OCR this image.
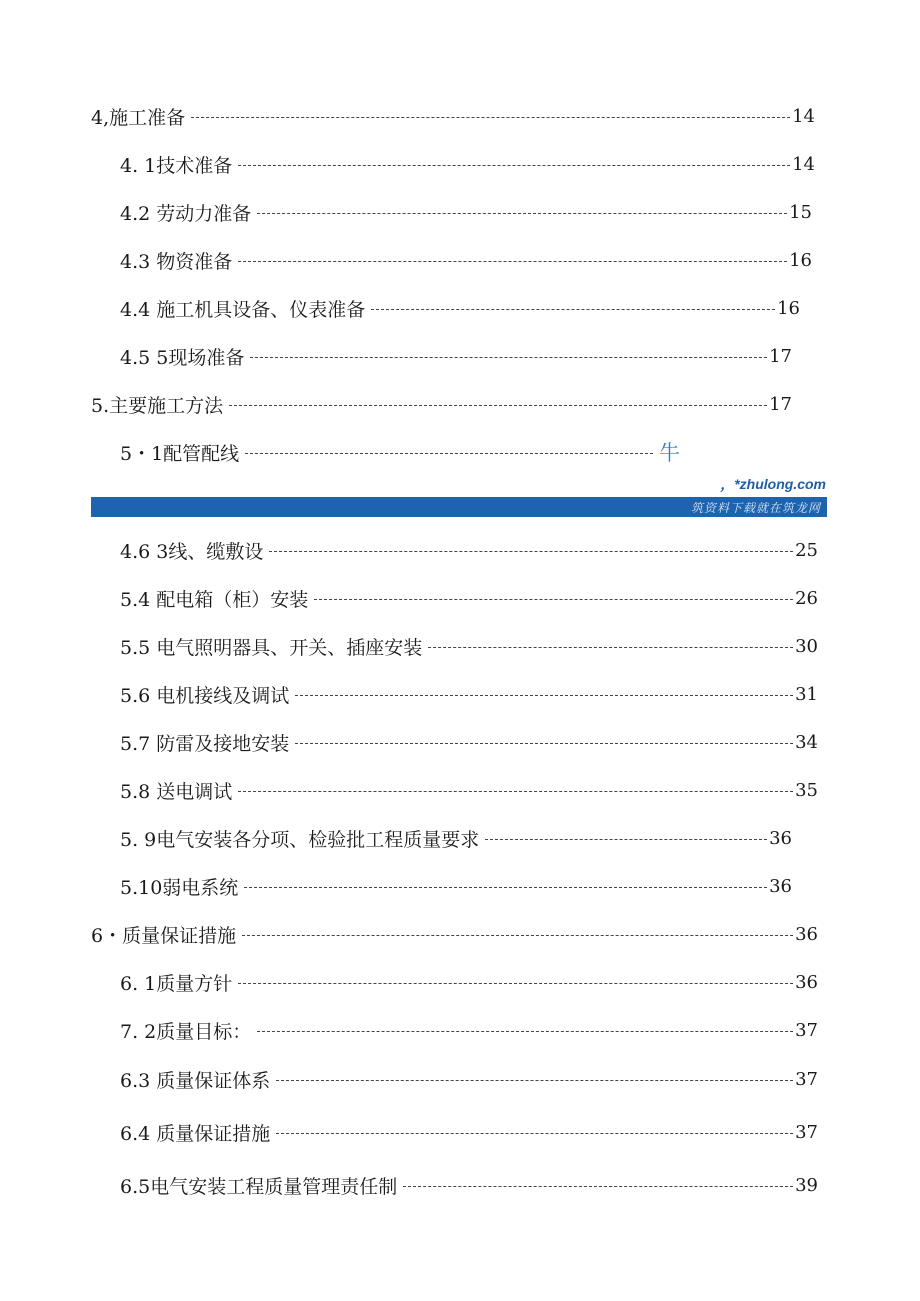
4,施工准备	14
4. 1技术准备	14
4.2 劳动力准备	15
4.3 物资准备	16
4.4 施工机具设备、仪表准备	16
4.5 5现场准备	17
5.主要施工方法	17
5・1配管配线	牛
，*zhulong.com
筑资料下载就在筑龙网
4.6 3线、缆敷设	25
5.4 配电箱（柜）安装	26
5.5 电气照明器具、开关、插座安装	30
5.6 电机接线及调试	31
5.7 防雷及接地安装	34
5.8 送电调试	35
5. 9电气安装各分项、检验批工程质量要求	36
5.10弱电系统	36
6・质量保证措施	36
6. 1质量方针	36
7. 2质量目标：	37
6.3 质量保证体系	37
6.4 质量保证措施	37
6.5电气安装工程质量管理责任制	39
